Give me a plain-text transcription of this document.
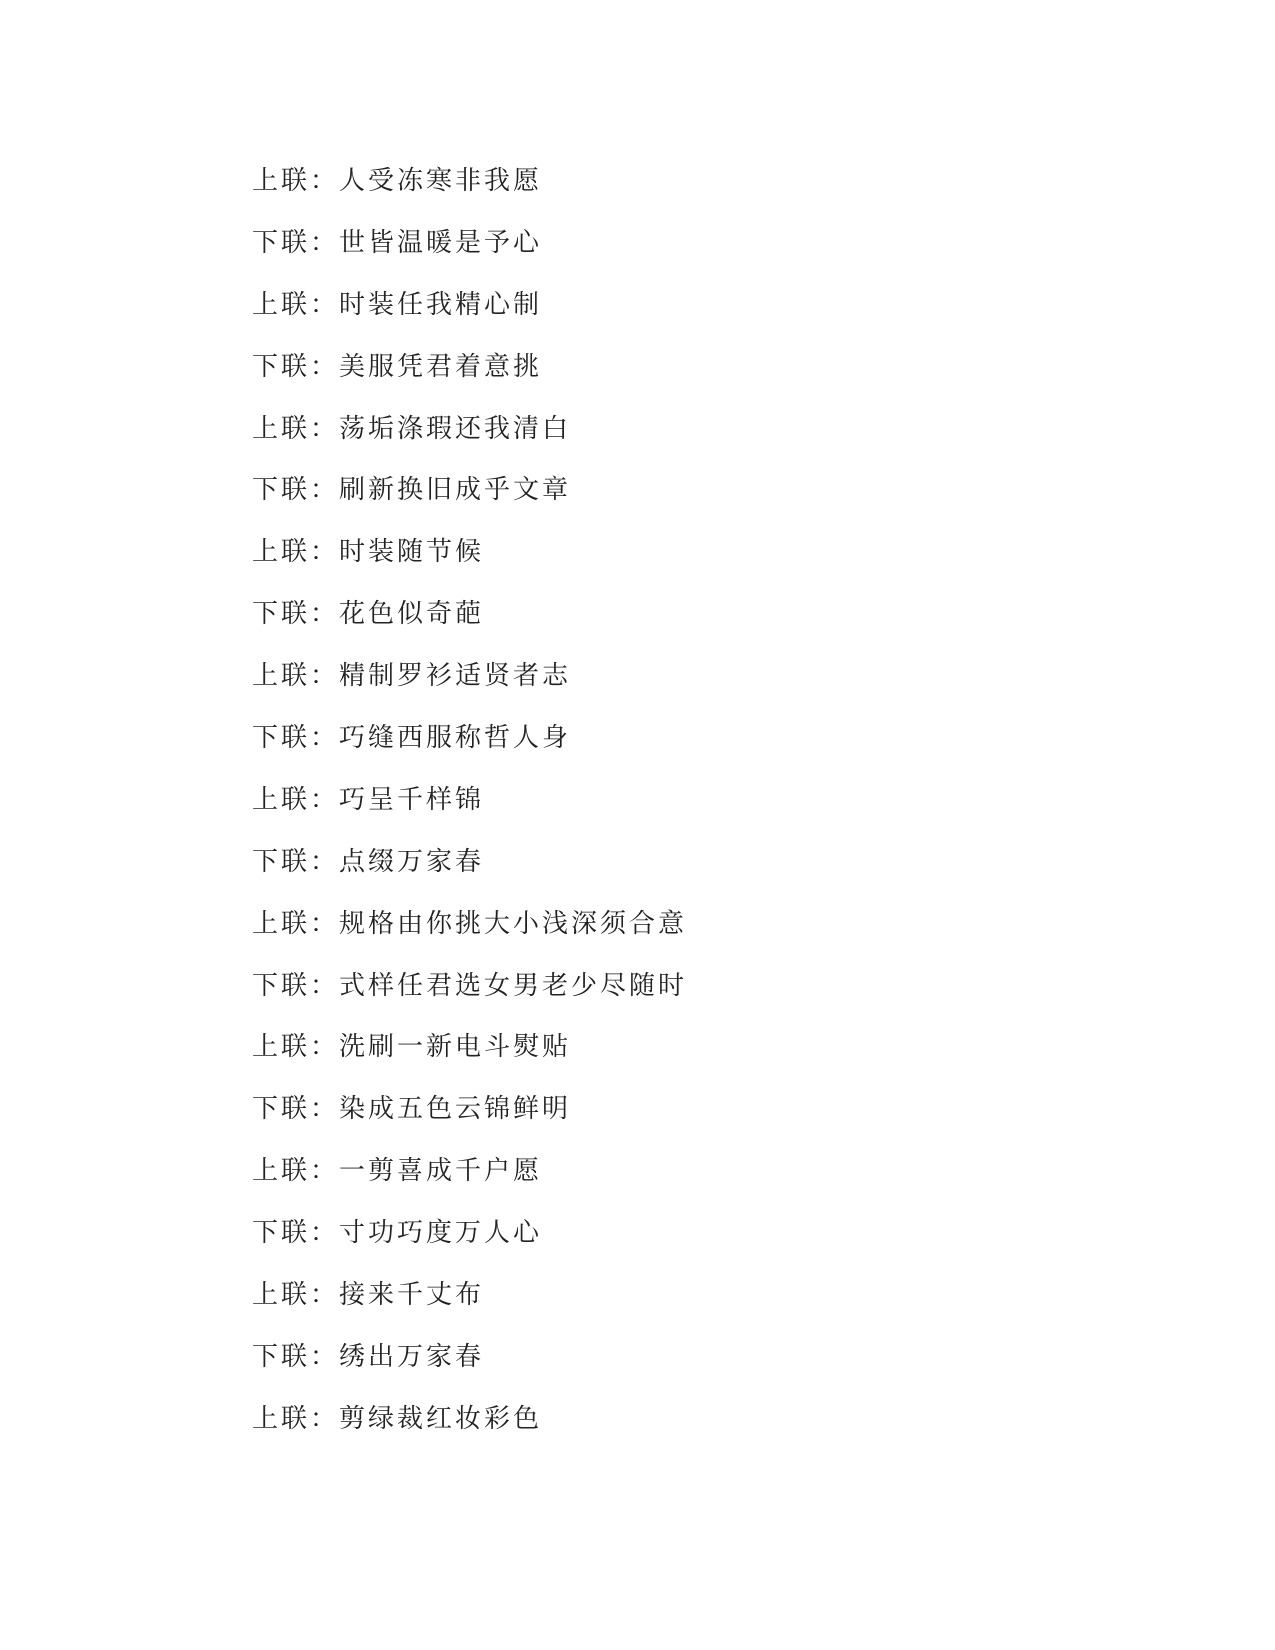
上联：人受冻寒非我愿
下联：世皆温暖是予心
上联：时装任我精心制
下联：美服凭君着意挑
上联：荡垢涤瑕还我清白
下联：刷新换旧成乎文章
上联：时装随节候
下联：花色似奇葩
上联：精制罗衫适贤者志
下联：巧缝西服称哲人身
上联：巧呈千样锦
下联：点缀万家春
上联：规格由你挑大小浅深须合意
下联：式样任君选女男老少尽随时
上联：洗刷一新电斗熨贴
下联：染成五色云锦鲜明
上联：一剪喜成千户愿
下联：寸功巧度万人心
上联：接来千丈布
下联：绣出万家春
上联：剪绿裁红妆彩色
